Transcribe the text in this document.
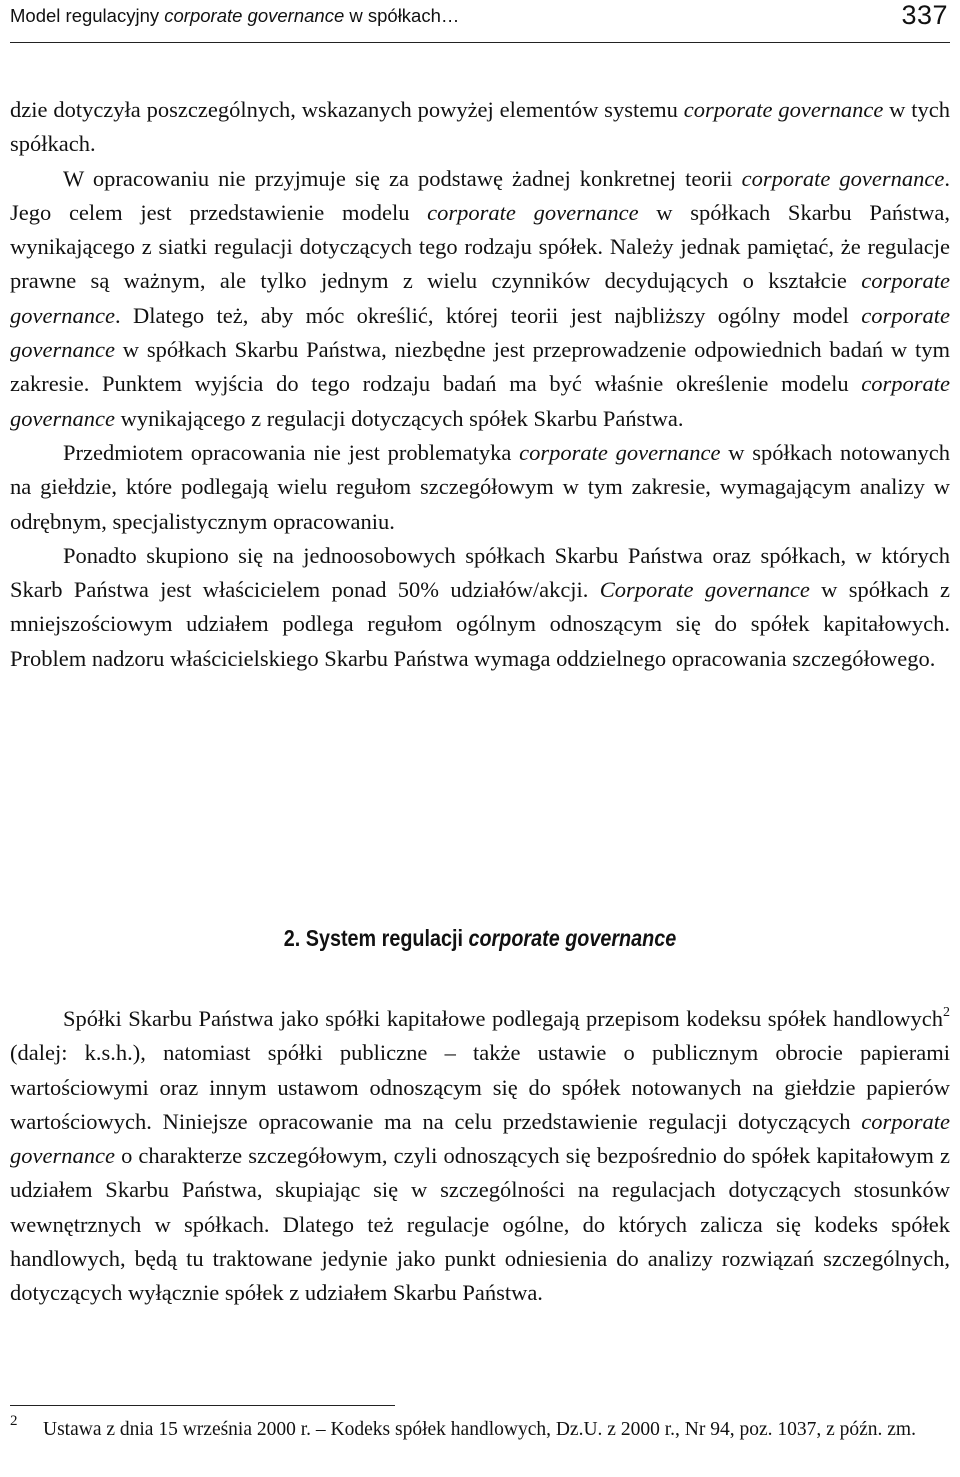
Model regulacyjny corporate governance w spółkach…	337

dzie dotyczyła poszczególnych, wskazanych powyżej elementów systemu corporate governance w tych spółkach.

W opracowaniu nie przyjmuje się za podstawę żadnej konkretnej teorii corporate governance. Jego celem jest przedstawienie modelu corporate governance w spółkach Skarbu Państwa, wynikającego z siatki regulacji dotyczących tego rodzaju spółek. Należy jednak pamiętać, że regulacje prawne są ważnym, ale tylko jednym z wielu czynników decydujących o kształcie corporate governance. Dlatego też, aby móc określić, której teorii jest najbliższy ogólny model corporate governance w spółkach Skarbu Państwa, niezbędne jest przeprowadzenie odpowiednich badań w tym zakresie. Punktem wyjścia do tego rodzaju badań ma być właśnie określenie modelu corporate governance wynikającego z regulacji dotyczących spółek Skarbu Państwa.

Przedmiotem opracowania nie jest problematyka corporate governance w spółkach notowanych na giełdzie, które podlegają wielu regułom szczegółowym w tym zakresie, wymagającym analizy w odrębnym, specjalistycznym opracowaniu.

Ponadto skupiono się na jednoosobowych spółkach Skarbu Państwa oraz spółkach, w których Skarb Państwa jest właścicielem ponad 50% udziałów/akcji. Corporate governance w spółkach z mniejszościowym udziałem podlega regułom ogólnym odnoszącym się do spółek kapitałowych. Problem nadzoru właścicielskiego Skarbu Państwa wymaga oddzielnego opracowania szczegółowego.

2. System regulacji corporate governance

Spółki Skarbu Państwa jako spółki kapitałowe podlegają przepisom kodeksu spółek handlowych$^2$ (dalej: k.s.h.), natomiast spółki publiczne – także ustawie o publicznym obrocie papierami wartościowymi oraz innym ustawom odnoszącym się do spółek notowanych na giełdzie papierów wartościowych. Niniejsze opracowanie ma na celu przedstawienie regulacji dotyczących corporate governance o charakterze szczegółowym, czyli odnoszących się bezpośrednio do spółek kapitałowym z udziałem Skarbu Państwa, skupiając się w szczególności na regulacjach dotyczących stosunków wewnętrznych w spółkach. Dlatego też regulacje ogólne, do których zalicza się kodeks spółek handlowych, będą tu traktowane jedynie jako punkt odniesienia do analizy rozwiązań szczególnych, dotyczących wyłącznie spółek z udziałem Skarbu Państwa.

2	Ustawa z dnia 15 września 2000 r. – Kodeks spółek handlowych, Dz.U. z 2000 r., Nr 94, poz. 1037, z późn. zm.
